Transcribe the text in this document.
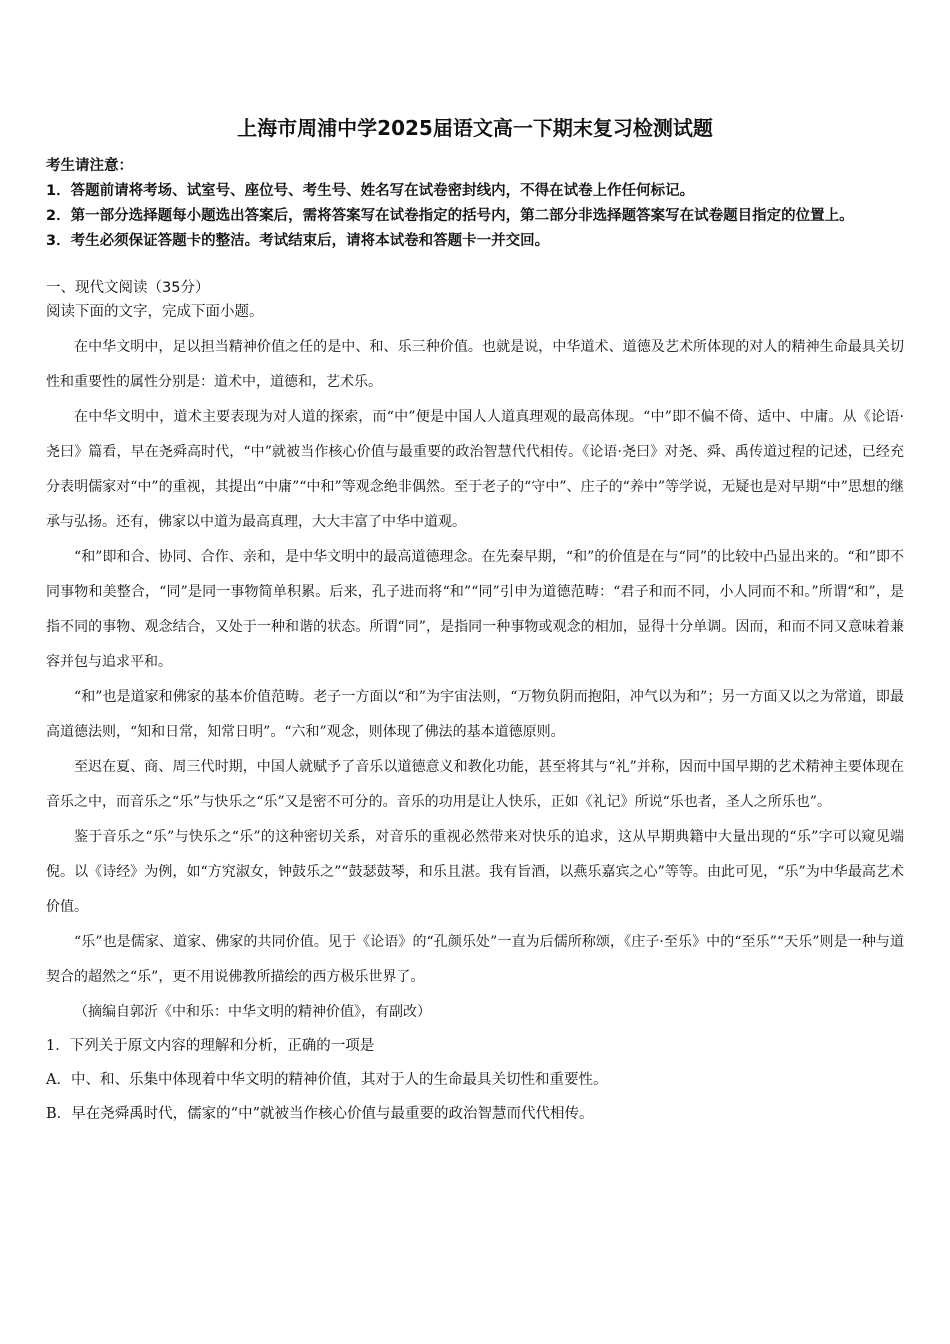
上海市周浦中学2025届语文高一下期末复习检测试题
考生请注意：
1．答题前请将考场、试室号、座位号、考生号、姓名写在试卷密封线内，不得在试卷上作任何标记。
2．第一部分选择题每小题选出答案后，需将答案写在试卷指定的括号内，第二部分非选择题答案写在试卷题目指定的位置上。
3．考生必须保证答题卡的整洁。考试结束后，请将本试卷和答题卡一并交回。
一、现代文阅读（35分）
阅读下面的文字，完成下面小题。

在中华文明中，足以担当精神价值之任的是中、和、乐三种价值。也就是说，中华道术、道德及艺术所体现的对人的精神生命最具关切性和重要性的属性分别是：道术中，道德和，艺术乐。

在中华文明中，道术主要表现为对人道的探索，而“中”便是中国人人道真理观的最高体现。“中”即不偏不倚、适中、中庸。从《论语·尧曰》篇看，早在尧舜高时代，“中”就被当作核心价值与最重要的政治智慧代代相传。《论语·尧曰》对尧、舜、禹传道过程的记述，已经充分表明儒家对“中”的重视，其提出“中庸”“中和”等观念绝非偶然。至于老子的“守中”、庄子的“养中”等学说，无疑也是对早期“中”思想的继承与弘扬。还有，佛家以中道为最高真理，大大丰富了中华中道观。

“和”即和合、协同、合作、亲和，是中华文明中的最高道德理念。在先秦早期，“和”的价值是在与“同”的比较中凸显出来的。“和”即不同事物和美整合，“同”是同一事物简单积累。后来，孔子进而将“和”“同”引申为道德范畴：“君子和而不同，小人同而不和。”所谓“和”，是指不同的事物、观念结合，又处于一种和谐的状态。所谓“同”，是指同一种事物或观念的相加，显得十分单调。因而，和而不同又意味着兼容并包与追求平和。

“和”也是道家和佛家的基本价值范畴。老子一方面以“和”为宇宙法则，“万物负阴而抱阳，冲气以为和”；另一方面又以之为常道，即最高道德法则，“知和日常，知常日明”。“六和”观念，则体现了佛法的基本道德原则。

至迟在夏、商、周三代时期，中国人就赋予了音乐以道德意义和教化功能，甚至将其与“礼”并称，因而中国早期的艺术精神主要体现在音乐之中，而音乐之“乐”与快乐之“乐”又是密不可分的。音乐的功用是让人快乐，正如《礼记》所说“乐也者，圣人之所乐也”。

鉴于音乐之“乐”与快乐之“乐”的这种密切关系，对音乐的重视必然带来对快乐的追求，这从早期典籍中大量出现的“乐”字可以窥见端倪。以《诗经》为例，如“方究淑女，钟鼓乐之”“鼓瑟鼓琴，和乐且湛。我有旨酒，以燕乐嘉宾之心”等等。由此可见，“乐”为中华最高艺术价值。

“乐”也是儒家、道家、佛家的共同价值。见于《论语》的“孔颜乐处”一直为后儒所称颂，《庄子·至乐》中的“至乐”“天乐”则是一种与道契合的超然之“乐”，更不用说佛教所描绘的西方极乐世界了。

（摘编自郭沂《中和乐：中华文明的精神价值》，有副改）
1．下列关于原文内容的理解和分析，正确的一项是
A．中、和、乐集中体现着中华文明的精神价值，其对于人的生命最具关切性和重要性。
B．早在尧舜禹时代，儒家的“中”就被当作核心价值与最重要的政治智慧而代代相传。
